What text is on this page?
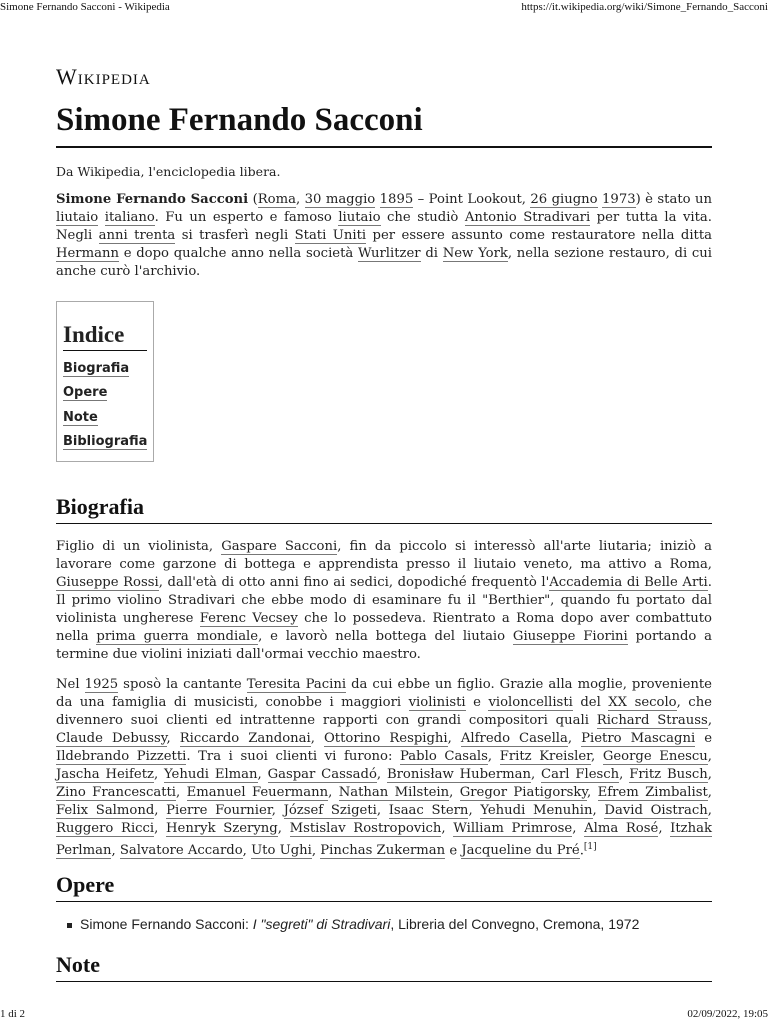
Simone Fernando Sacconi - Wikipedia	https://it.wikipedia.org/wiki/Simone_Fernando_Sacconi
Wikipedia
Simone Fernando Sacconi
Da Wikipedia, l'enciclopedia libera.

Simone Fernando Sacconi (Roma, 30 maggio 1895 – Point Lookout, 26 giugno 1973) è stato un liutaio italiano. Fu un esperto e famoso liutaio che studiò Antonio Stradivari per tutta la vita. Negli anni trenta si trasferì negli Stati Uniti per essere assunto come restauratore nella ditta Hermann e dopo qualche anno nella società Wurlitzer di New York, nella sezione restauro, di cui anche curò l'archivio.

Indice
Biografia
Opere
Note
Bibliografia
Biografia

Figlio di un violinista, Gaspare Sacconi, fin da piccolo si interessò all'arte liutaria; iniziò a lavorare come garzone di bottega e apprendista presso il liutaio veneto, ma attivo a Roma, Giuseppe Rossi, dall'età di otto anni fino ai sedici, dopodiché frequentò l'Accademia di Belle Arti. Il primo violino Stradivari che ebbe modo di esaminare fu il "Berthier", quando fu portato dal violinista ungherese Ferenc Vecsey che lo possedeva. Rientrato a Roma dopo aver combattuto nella prima guerra mondiale, e lavorò nella bottega del liutaio Giuseppe Fiorini portando a termine due violini iniziati dall'ormai vecchio maestro.

Nel 1925 sposò la cantante Teresita Pacini da cui ebbe un figlio. Grazie alla moglie, proveniente da una famiglia di musicisti, conobbe i maggiori violinisti e violoncellisti del XX secolo, che divennero suoi clienti ed intrattenne rapporti con grandi compositori quali Richard Strauss, Claude Debussy, Riccardo Zandonai, Ottorino Respighi, Alfredo Casella, Pietro Mascagni e Ildebrando Pizzetti. Tra i suoi clienti vi furono: Pablo Casals, Fritz Kreisler, George Enescu, Jascha Heifetz, Yehudi Elman, Gaspar Cassadó, Bronisław Huberman, Carl Flesch, Fritz Busch, Zino Francescatti, Emanuel Feuermann, Nathan Milstein, Gregor Piatigorsky, Efrem Zimbalist, Felix Salmond, Pierre Fournier, József Szigeti, Isaac Stern, Yehudi Menuhin, David Oistrach, Ruggero Ricci, Henryk Szeryng, Mstislav Rostropovich, William Primrose, Alma Rosé, Itzhak Perlman, Salvatore Accardo, Uto Ughi, Pinchas Zukerman e Jacqueline du Pré.[1]

Opere
Simone Fernando Sacconi: I "segreti" di Stradivari, Libreria del Convegno, Cremona, 1972
Note
1 di 2	02/09/2022, 19:05
